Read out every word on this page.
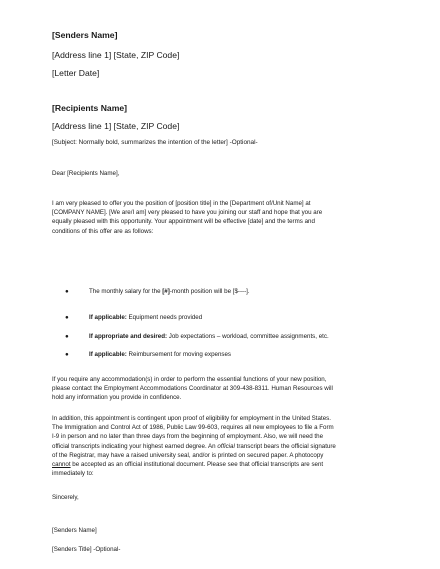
[Senders Name]
[Address line 1] [State, ZIP Code]
[Letter Date]
[Recipients Name]
[Address line 1] [State, ZIP Code]
[Subject: Normally bold, summarizes the intention of the letter] -Optional-
Dear [Recipients Name],
I am very pleased to offer you the position of [position title] in the [Department of/Unit Name] at
[COMPANY NAME]. [We are/I am] very pleased to have you joining our staff and hope that you are
equally pleased with this opportunity. Your appointment will be effective [date] and the terms and
conditions of this offer are as follows:
●	The monthly salary for the [#]-month position will be [$----].
●	If applicable: Equipment needs provided
●	If appropriate and desired: Job expectations – workload, committee assignments, etc.
●	If applicable: Reimbursement for moving expenses
If you require any accommodation(s) in order to perform the essential functions of your new position,
please contact the Employment Accommodations Coordinator at 309-438-8311. Human Resources will
hold any information you provide in confidence.
In addition, this appointment is contingent upon proof of eligibility for employment in the United States.
The Immigration and Control Act of 1986, Public Law 99-603, requires all new employees to file a Form
I-9 in person and no later than three days from the beginning of employment. Also, we will need the
official transcripts indicating your highest earned degree. An official transcript bears the official signature
of the Registrar, may have a raised university seal, and/or is printed on secured paper. A photocopy
cannot be accepted as an official institutional document. Please see that official transcripts are sent
immediately to:
Sincerely,
[Senders Name]
[Senders Title] -Optional-
